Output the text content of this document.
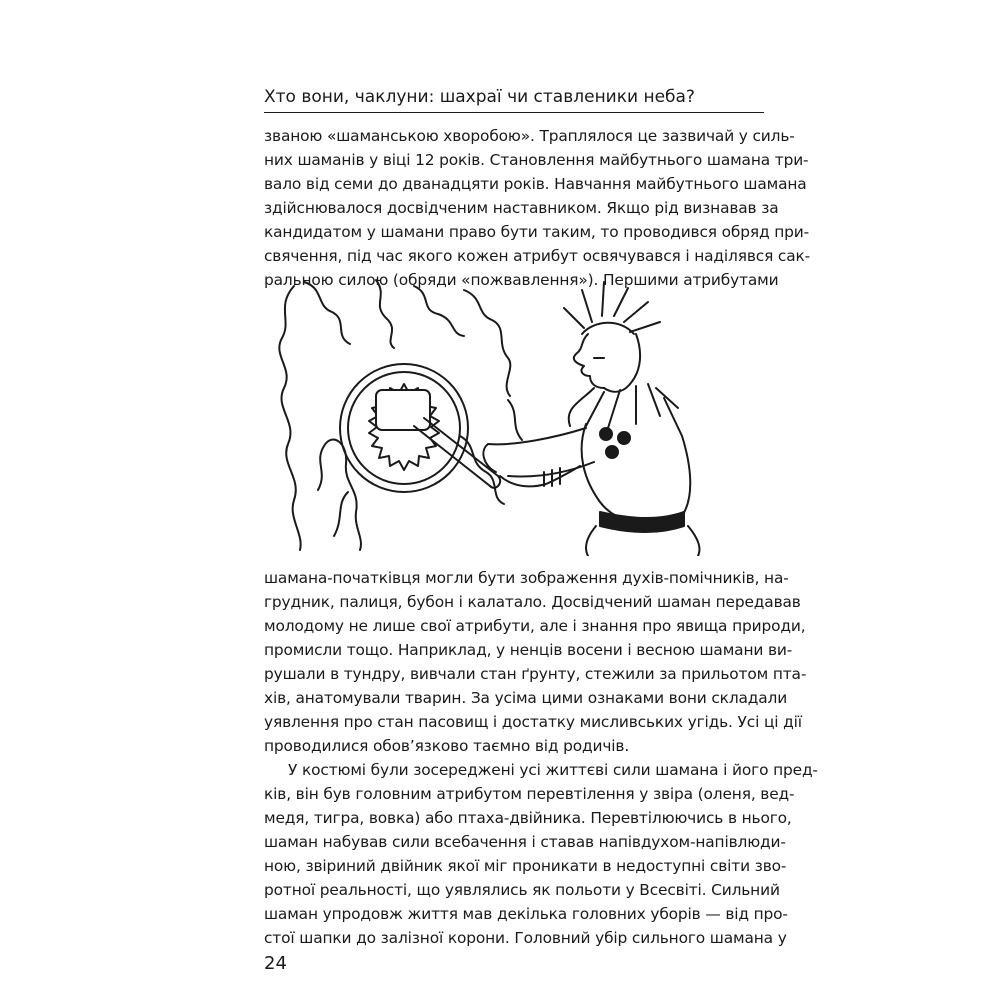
Хто вони, чаклуни: шахраї чи ставленики неба?
званою «шаманською хворобою». Траплялося це зазвичай у силь-
них шаманів у віці 12 років. Становлення майбутнього шамана три-
вало від семи до дванадцяти років. Навчання майбутнього шамана
здійснювалося досвідченим наставником. Якщо рід визнавав за
кандидатом у шамани право бути таким, то проводився обряд при-
свячення, під час якого кожен атрибут освячувався і наділявся сак-
ральною силою (обряди «пожвавлення»). Першими атрибутами
шамана-початківця могли бути зображення духів-помічників, на-
грудник, палиця, бубон і калатало. Досвідчений шаман передавав
молодому не лише свої атрибути, але і знання про явища природи,
промисли тощо. Наприклад, у ненців восени і весною шамани ви-
рушали в тундру, вивчали стан ґрунту, стежили за прильотом пта-
хів, анатомували тварин. За усіма цими ознаками вони складали
уявлення про стан пасовищ і достатку мисливських угідь. Усі ці дії
проводилися обов’язково таємно від родичів.
У костюмі були зосереджені усі життєві сили шамана і його пред-
ків, він був головним атрибутом перевтілення у звіра (оленя, вед-
медя, тигра, вовка) або птаха-двійника. Перевтілюючись в нього,
шаман набував сили всебачення і ставав напівдухом-напівлюди-
ною, звіриний двійник якої міг проникати в недоступні світи зво-
ротної реальності, що уявлялись як польоти у Всесвіті. Сильний
шаман упродовж життя мав декілька головних уборів — від про-
стої шапки до залізної корони. Головний убір сильного шамана у
24
